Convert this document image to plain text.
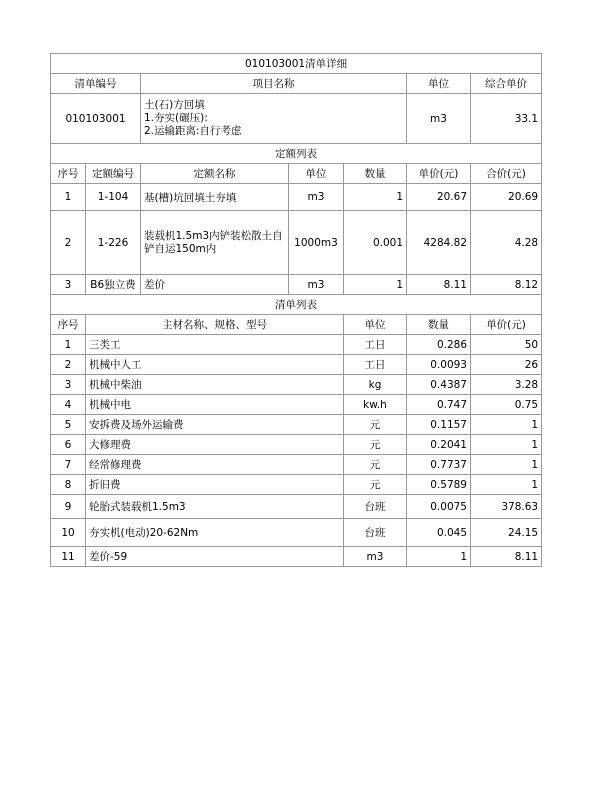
010103001清单详细							
清单编号		项目名称			单位	综合单价	
010103001		土(石)方回填
1.夯实(碾压):
2.运输距离:自行考虑			m3	33.1	
定额列表							
序号	定额编号	定额名称	单位	数量	单价(元)	合价(元)	
1	1-104	基(槽)坑回填土夯填	m3	1	20.67	20.69	
2	1-226	装载机1.5m3内铲装松散土自铲自运150m内	1000m3	0.001	4284.82	4.28	
3	B6独立费	差价	m3	1	8.11	8.12	
清单列表							
序号	主材名称、规格、型号			单位	数量	单价(元)	
1	三类工			工日	0.286	50	
2	机械中人工			工日	0.0093	26	
3	机械中柴油			kg	0.4387	3.28	
4	机械中电			kw.h	0.747	0.75	
5	安拆费及场外运输费			元	0.1157	1	
6	大修理费			元	0.2041	1	
7	经常修理费			元	0.7737	1	
8	折旧费			元	0.5789	1	
9	轮胎式装载机1.5m3			台班	0.0075	378.63	
10	夯实机(电动)20-62Nm			台班	0.045	24.15	
11	差价-59			m3	1	8.11	
